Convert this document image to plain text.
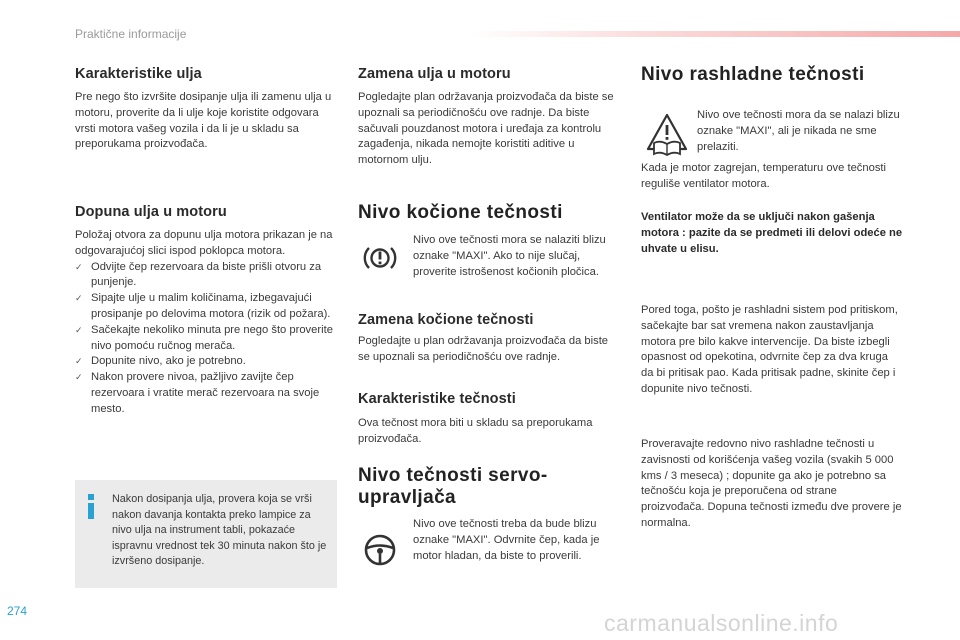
Praktične informacije
Karakteristike ulja
Pre nego što izvršite dosipanje ulja ili zamenu ulja u motoru, proverite da li ulje koje koristite odgovara vrsti motora vašeg vozila i da li je u skladu sa preporukama proizvođača.
Dopuna ulja u motoru
Položaj otvora za dopunu ulja motora prikazan je na odgovarajućoj slici ispod poklopca motora.
✓ Odvijte čep rezervoara da biste prišli otvoru za punjenje.
✓ Sipajte ulje u malim količinama, izbegavajući prosipanje po delovima motora (rizik od požara).
✓ Sačekajte nekoliko minuta pre nego što proverite nivo pomoću ručnog merača.
✓ Dopunite nivo, ako je potrebno.
✓ Nakon provere nivoa, pažljivo zavijte čep rezervoara i vratite merač rezervoara na svoje mesto.
Nakon dosipanja ulja, provera koja se vrši nakon davanja kontakta preko lampice za nivo ulja na instrument tabli, pokazaće ispravnu vrednost tek 30 minuta nakon što je izvršeno dosipanje.
Zamena ulja u motoru
Pogledajte plan održavanja proizvođača da biste se upoznali sa periodičnošću ove radnje. Da biste sačuvali pouzdanost motora i uređaja za kontrolu zagađenja, nikada nemojte koristiti aditive u motornom ulju.
Nivo kočione tečnosti
Nivo ove tečnosti mora se nalaziti blizu oznake "MAXI". Ako to nije slučaj, proverite istrošenost kočionih pločica.
Zamena kočione tečnosti
Pogledajte u plan održavanja proizvođača da biste se upoznali sa periodičnošću ove radnje.
Karakteristike tečnosti
Ova tečnost mora biti u skladu sa preporukama proizvođača.
Nivo tečnosti servo-
upravljača
Nivo ove tečnosti treba da bude blizu oznake "MAXI". Odvrnite čep, kada je motor hladan, da biste to proverili.
Nivo rashladne tečnosti
Nivo ove tečnosti mora da se nalazi blizu oznake "MAXI", ali je nikada ne sme prelaziti.
Kada je motor zagrejan, temperaturu ove tečnosti reguliše ventilator motora.
Ventilator može da se uključi nakon gašenja motora : pazite da se predmeti ili delovi odeće ne uhvate u elisu.
Pored toga, pošto je rashladni sistem pod pritiskom, sačekajte bar sat vremena nakon zaustavljanja motora pre bilo kakve intervencije. Da biste izbegli opasnost od opekotina, odvrnite čep za dva kruga da bi pritisak pao. Kada pritisak padne, skinite čep i dopunite nivo tečnosti.
Proveravajte redovno nivo rashladne tečnosti u zavisnosti od korišćenja vašeg vozila (svakih 5 000 kms / 3 meseca) ; dopunite ga ako je potrebno sa tečnošću koja je preporučena od strane proizvođača. Dopuna tečnosti između dve provere je normalna.
274	carmanualsonline.info
